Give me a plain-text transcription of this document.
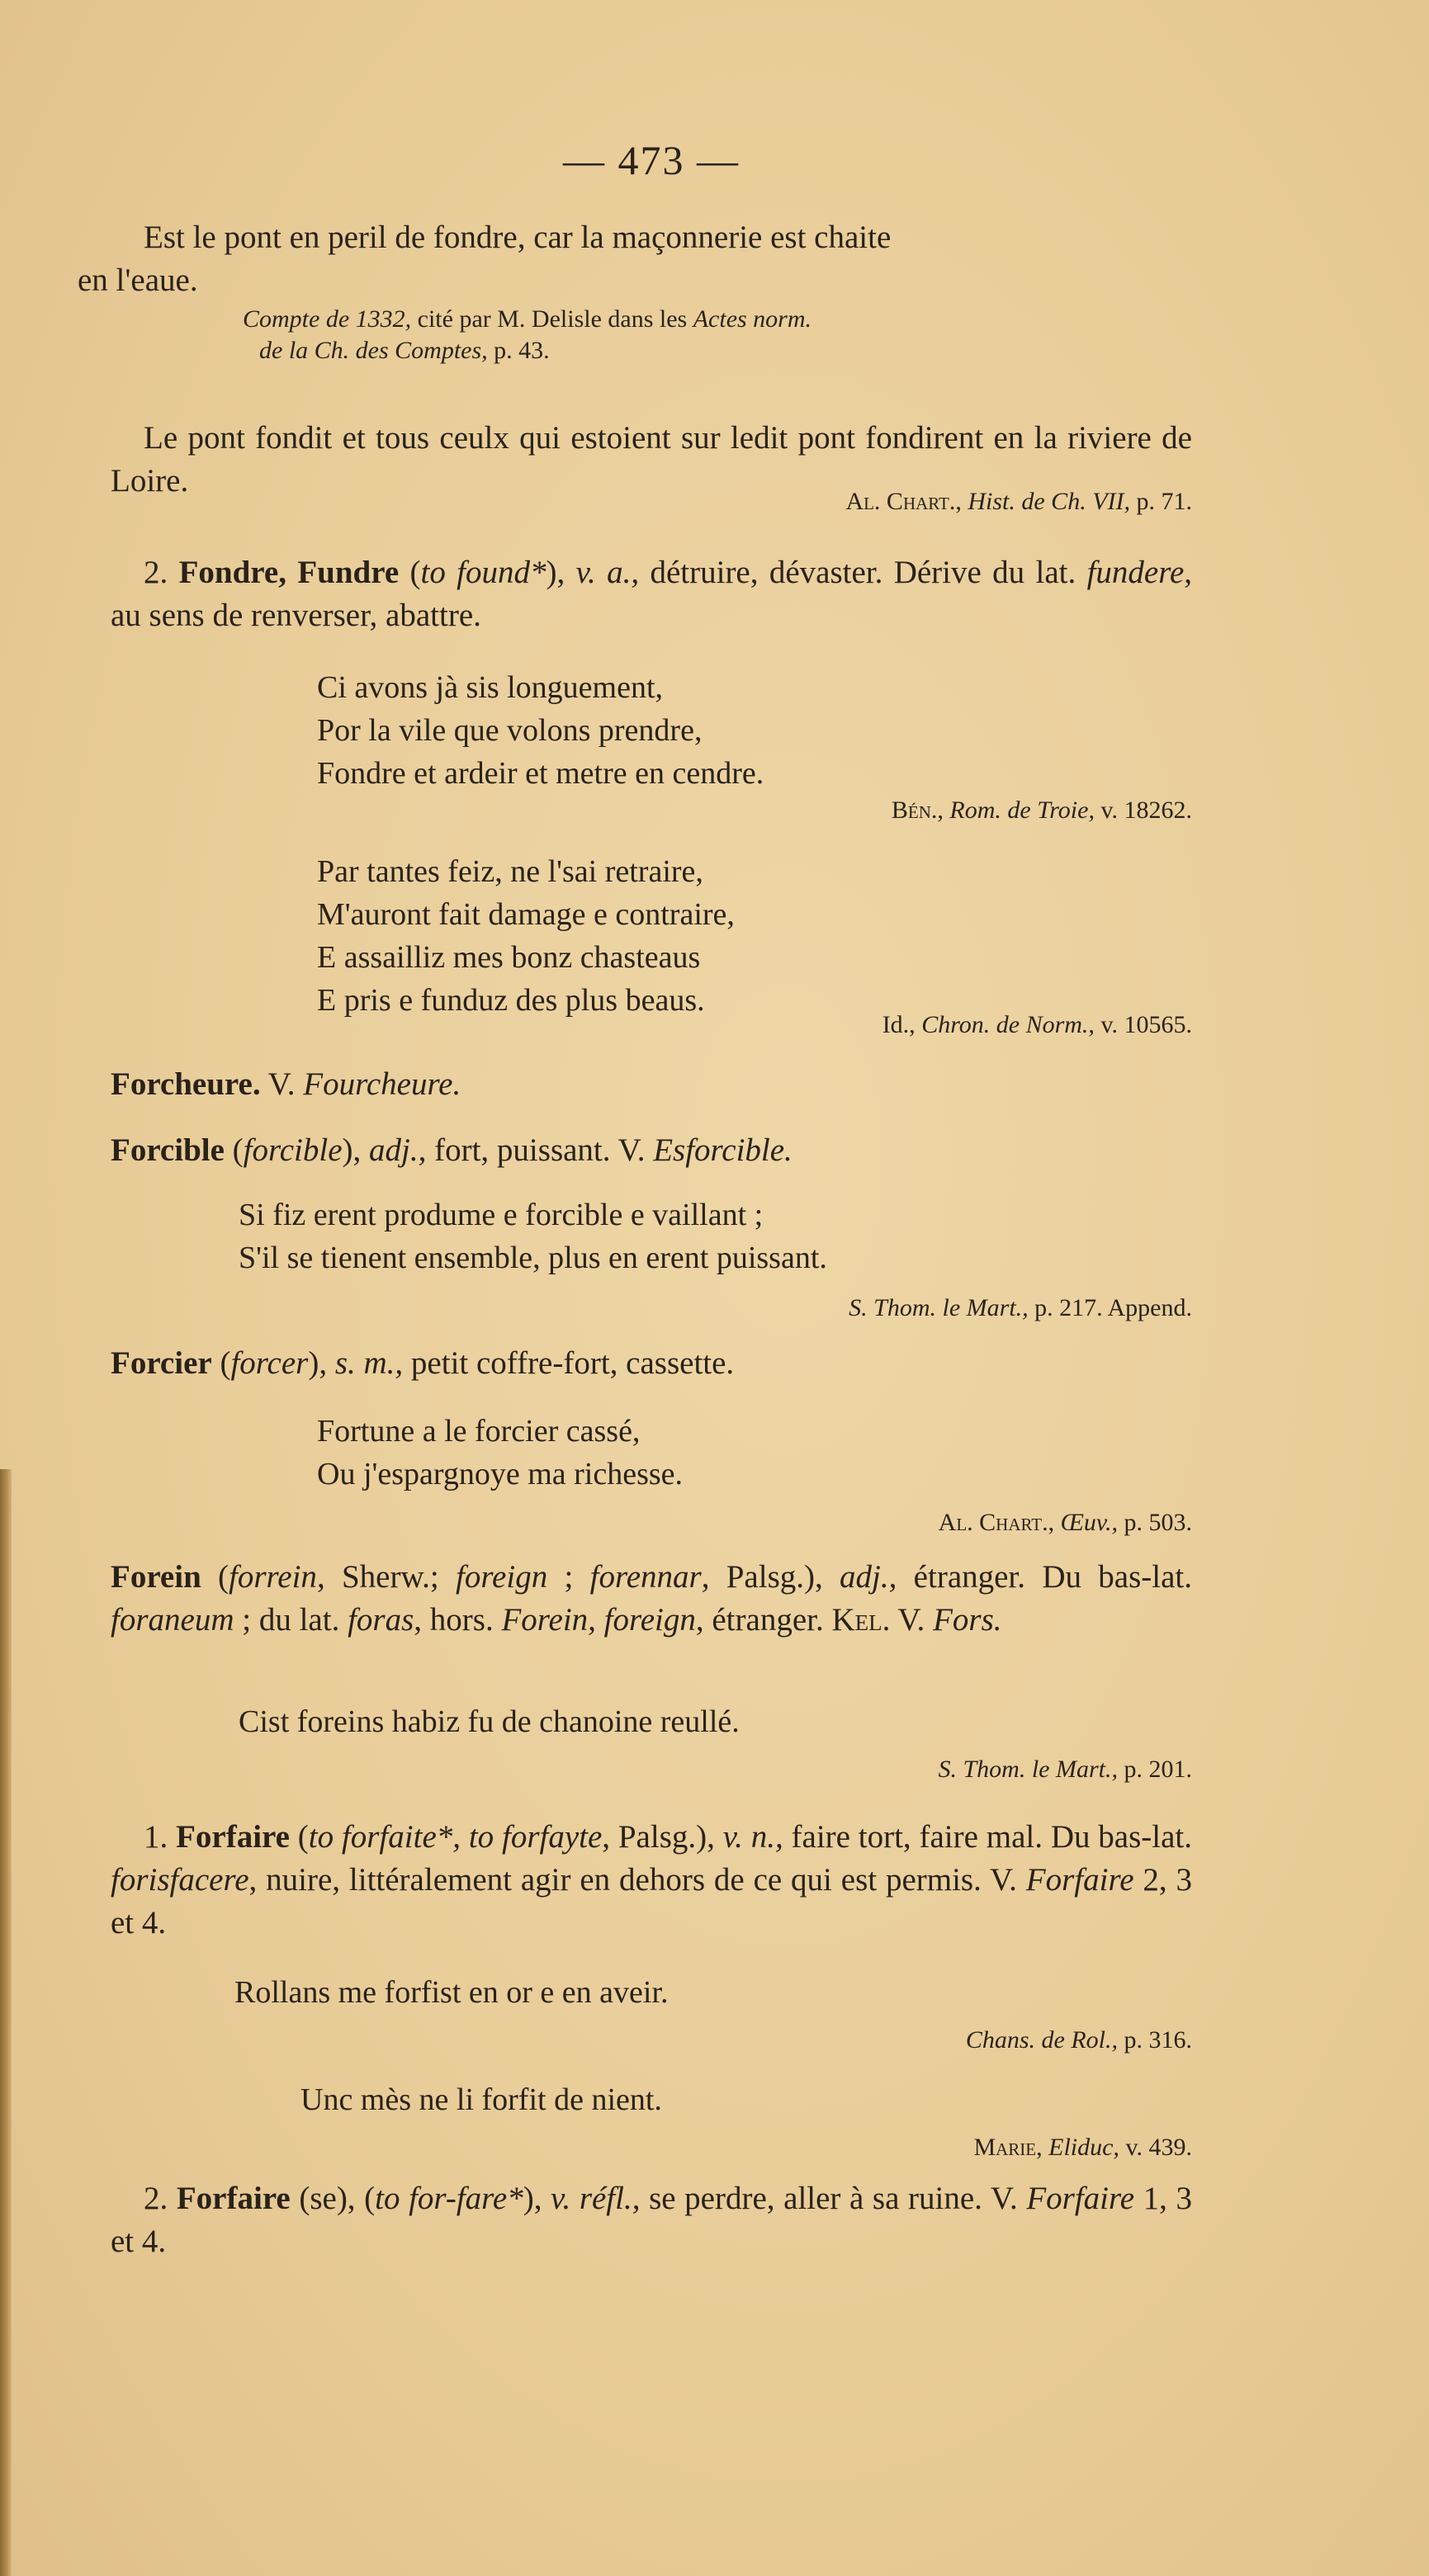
— 473 —
Est le pont en peril de fondre, car la maçonnerie est chaite
en l'eaue.
Compte de 1332, cité par M. Delisle dans les Actes norm.
de la Ch. des Comptes, p. 43.
Le pont fondit et tous ceulx qui estoient sur ledit pont fondirent en la riviere de Loire.
Al. Chart., Hist. de Ch. VII, p. 71.
2. Fondre, Fundre (to found*), v. a., détruire, dévaster. Dérive du lat. fundere, au sens de renverser, abattre.
Ci avons jà sis longuement,
Por la vile que volons prendre,
Fondre et ardeir et metre en cendre.
Bén., Rom. de Troie, v. 18262.
Par tantes feiz, ne l'sai retraire,
M'auront fait damage e contraire,
E assailliz mes bonz chasteaus
E pris e funduz des plus beaus.
Id., Chron. de Norm., v. 10565.
Forcheure. V. Fourcheure.
Forcible (forcible), adj., fort, puissant. V. Esforcible.
Si fiz erent produme e forcible e vaillant ;
S'il se tienent ensemble, plus en erent puissant.
S. Thom. le Mart., p. 217. Append.
Forcier (forcer), s. m., petit coffre-fort, cassette.
Fortune a le forcier cassé,
Ou j'espargnoye ma richesse.
Al. Chart., Œuv., p. 503.
Forein (forrein, Sherw.; foreign ; forennar, Palsg.), adj., étranger. Du bas-lat. foraneum ; du lat. foras, hors. Forein, foreign, étranger. Kel. V. Fors.
Cist foreins habiz fu de chanoine reullé.
S. Thom. le Mart., p. 201.
1. Forfaire (to forfaite*, to forfayte, Palsg.), v. n., faire tort, faire mal. Du bas-lat. forisfacere, nuire, littéralement agir en dehors de ce qui est permis. V. Forfaire 2, 3 et 4.
Rollans me forfist en or e en aveir.
Chans. de Rol., p. 316.
Unc mès ne li forfit de nient.
Marie, Eliduc, v. 439.
2. Forfaire (se), (to for-fare*), v. réfl., se perdre, aller à sa ruine. V. Forfaire 1, 3 et 4.
